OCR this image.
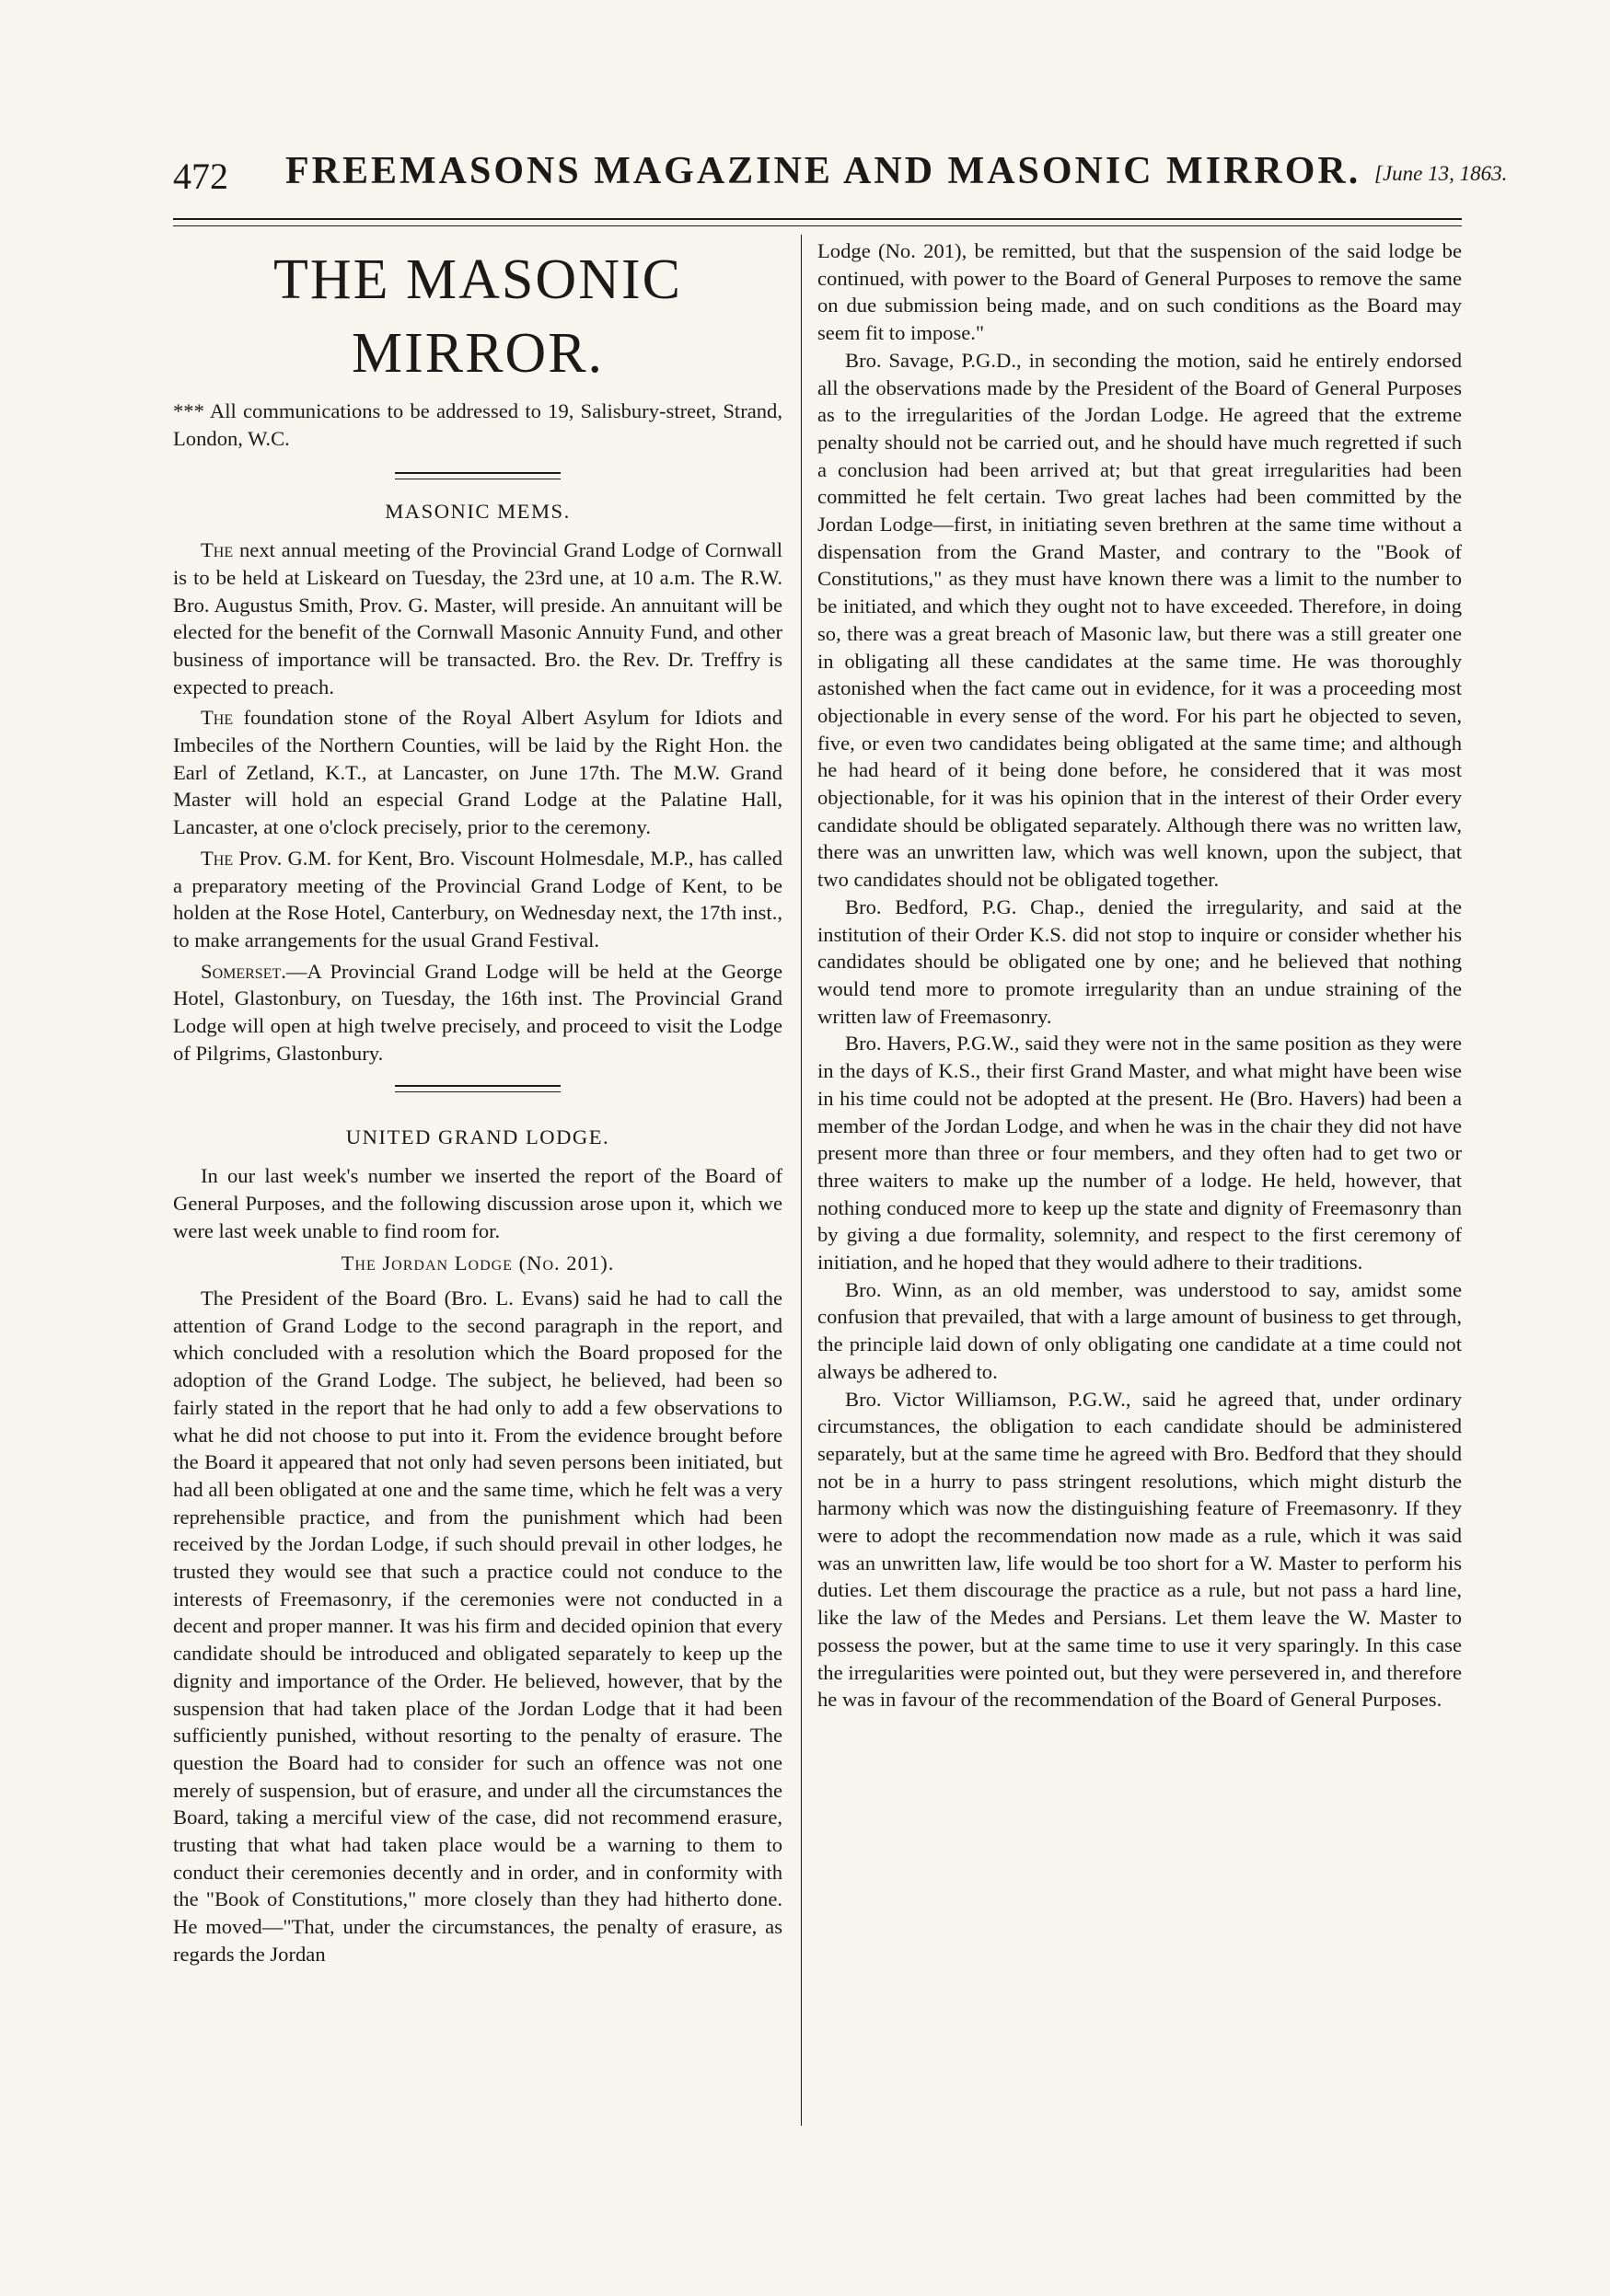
472 FREEMASONS MAGAZINE AND MASONIC MIRROR. [June 13, 1863.
THE MASONIC MIRROR.

*** All communications to be addressed to 19, Salisbury-street, Strand, London, W.C.

MASONIC MEMS.

The next annual meeting of the Provincial Grand Lodge of Cornwall is to be held at Liskeard on Tuesday, the 23rd une, at 10 a.m. The R.W. Bro. Augustus Smith, Prov. G. Master, will preside. An annuitant will be elected for the benefit of the Cornwall Masonic Annuity Fund, and other business of importance will be transacted. Bro. the Rev. Dr. Treffry is expected to preach.

The foundation stone of the Royal Albert Asylum for Idiots and Imbeciles of the Northern Counties, will be laid by the Right Hon. the Earl of Zetland, K.T., at Lancaster, on June 17th. The M.W. Grand Master will hold an especial Grand Lodge at the Palatine Hall, Lancaster, at one o'clock precisely, prior to the ceremony.

The Prov. G.M. for Kent, Bro. Viscount Holmesdale, M.P., has called a preparatory meeting of the Provincial Grand Lodge of Kent, to be holden at the Rose Hotel, Canterbury, on Wednesday next, the 17th inst., to make arrangements for the usual Grand Festival.

Somerset.—A Provincial Grand Lodge will be held at the George Hotel, Glastonbury, on Tuesday, the 16th inst. The Provincial Grand Lodge will open at high twelve precisely, and proceed to visit the Lodge of Pilgrims, Glastonbury.

UNITED GRAND LODGE.

In our last week's number we inserted the report of the Board of General Purposes, and the following discussion arose upon it, which we were last week unable to find room for.

The Jordan Lodge (No. 201).

The President of the Board (Bro. L. Evans) said he had to call the attention of Grand Lodge to the second paragraph in the report, and which concluded with a resolution which the Board proposed for the adoption of the Grand Lodge. The subject, he believed, had been so fairly stated in the report that he had only to add a few observations to what he did not choose to put into it. From the evidence brought before the Board it appeared that not only had seven persons been initiated, but had all been obligated at one and the same time, which he felt was a very reprehensible practice, and from the punishment which had been received by the Jordan Lodge, if such should prevail in other lodges, he trusted they would see that such a practice could not conduce to the interests of Freemasonry, if the ceremonies were not conducted in a decent and proper manner. It was his firm and decided opinion that every candidate should be introduced and obligated separately to keep up the dignity and importance of the Order. He believed, however, that by the suspension that had taken place of the Jordan Lodge that it had been sufficiently punished, without resorting to the penalty of erasure. The question the Board had to consider for such an offence was not one merely of suspension, but of erasure, and under all the circumstances the Board, taking a merciful view of the case, did not recommend erasure, trusting that what had taken place would be a warning to them to conduct their ceremonies decently and in order, and in conformity with the "Book of Constitutions," more closely than they had hitherto done. He moved—"That, under the circumstances, the penalty of erasure, as regards the Jordan

Lodge (No. 201), be remitted, but that the suspension of the said lodge be continued, with power to the Board of General Purposes to remove the same on due submission being made, and on such conditions as the Board may seem fit to impose."

Bro. Savage, P.G.D., in seconding the motion, said he entirely endorsed all the observations made by the President of the Board of General Purposes as to the irregularities of the Jordan Lodge. He agreed that the extreme penalty should not be carried out, and he should have much regretted if such a conclusion had been arrived at; but that great irregularities had been committed he felt certain. Two great laches had been committed by the Jordan Lodge—first, in initiating seven brethren at the same time without a dispensation from the Grand Master, and contrary to the "Book of Constitutions," as they must have known there was a limit to the number to be initiated, and which they ought not to have exceeded. Therefore, in doing so, there was a great breach of Masonic law, but there was a still greater one in obligating all these candidates at the same time. He was thoroughly astonished when the fact came out in evidence, for it was a proceeding most objectionable in every sense of the word. For his part he objected to seven, five, or even two candidates being obligated at the same time; and although he had heard of it being done before, he considered that it was most objectionable, for it was his opinion that in the interest of their Order every candidate should be obligated separately. Although there was no written law, there was an unwritten law, which was well known, upon the subject, that two candidates should not be obligated together.

Bro. Bedford, P.G. Chap., denied the irregularity, and said at the institution of their Order K.S. did not stop to inquire or consider whether his candidates should be obligated one by one; and he believed that nothing would tend more to promote irregularity than an undue straining of the written law of Freemasonry.

Bro. Havers, P.G.W., said they were not in the same position as they were in the days of K.S., their first Grand Master, and what might have been wise in his time could not be adopted at the present. He (Bro. Havers) had been a member of the Jordan Lodge, and when he was in the chair they did not have present more than three or four members, and they often had to get two or three waiters to make up the number of a lodge. He held, however, that nothing conduced more to keep up the state and dignity of Freemasonry than by giving a due formality, solemnity, and respect to the first ceremony of initiation, and he hoped that they would adhere to their traditions.

Bro. Winn, as an old member, was understood to say, amidst some confusion that prevailed, that with a large amount of business to get through, the principle laid down of only obligating one candidate at a time could not always be adhered to.

Bro. Victor Williamson, P.G.W., said he agreed that, under ordinary circumstances, the obligation to each candidate should be administered separately, but at the same time he agreed with Bro. Bedford that they should not be in a hurry to pass stringent resolutions, which might disturb the harmony which was now the distinguishing feature of Freemasonry. If they were to adopt the recommendation now made as a rule, which it was said was an unwritten law, life would be too short for a W. Master to perform his duties. Let them discourage the practice as a rule, but not pass a hard line, like the law of the Medes and Persians. Let them leave the W. Master to possess the power, but at the same time to use it very sparingly. In this case the irregularities were pointed out, but they were persevered in, and therefore he was in favour of the recommendation of the Board of General Purposes.
